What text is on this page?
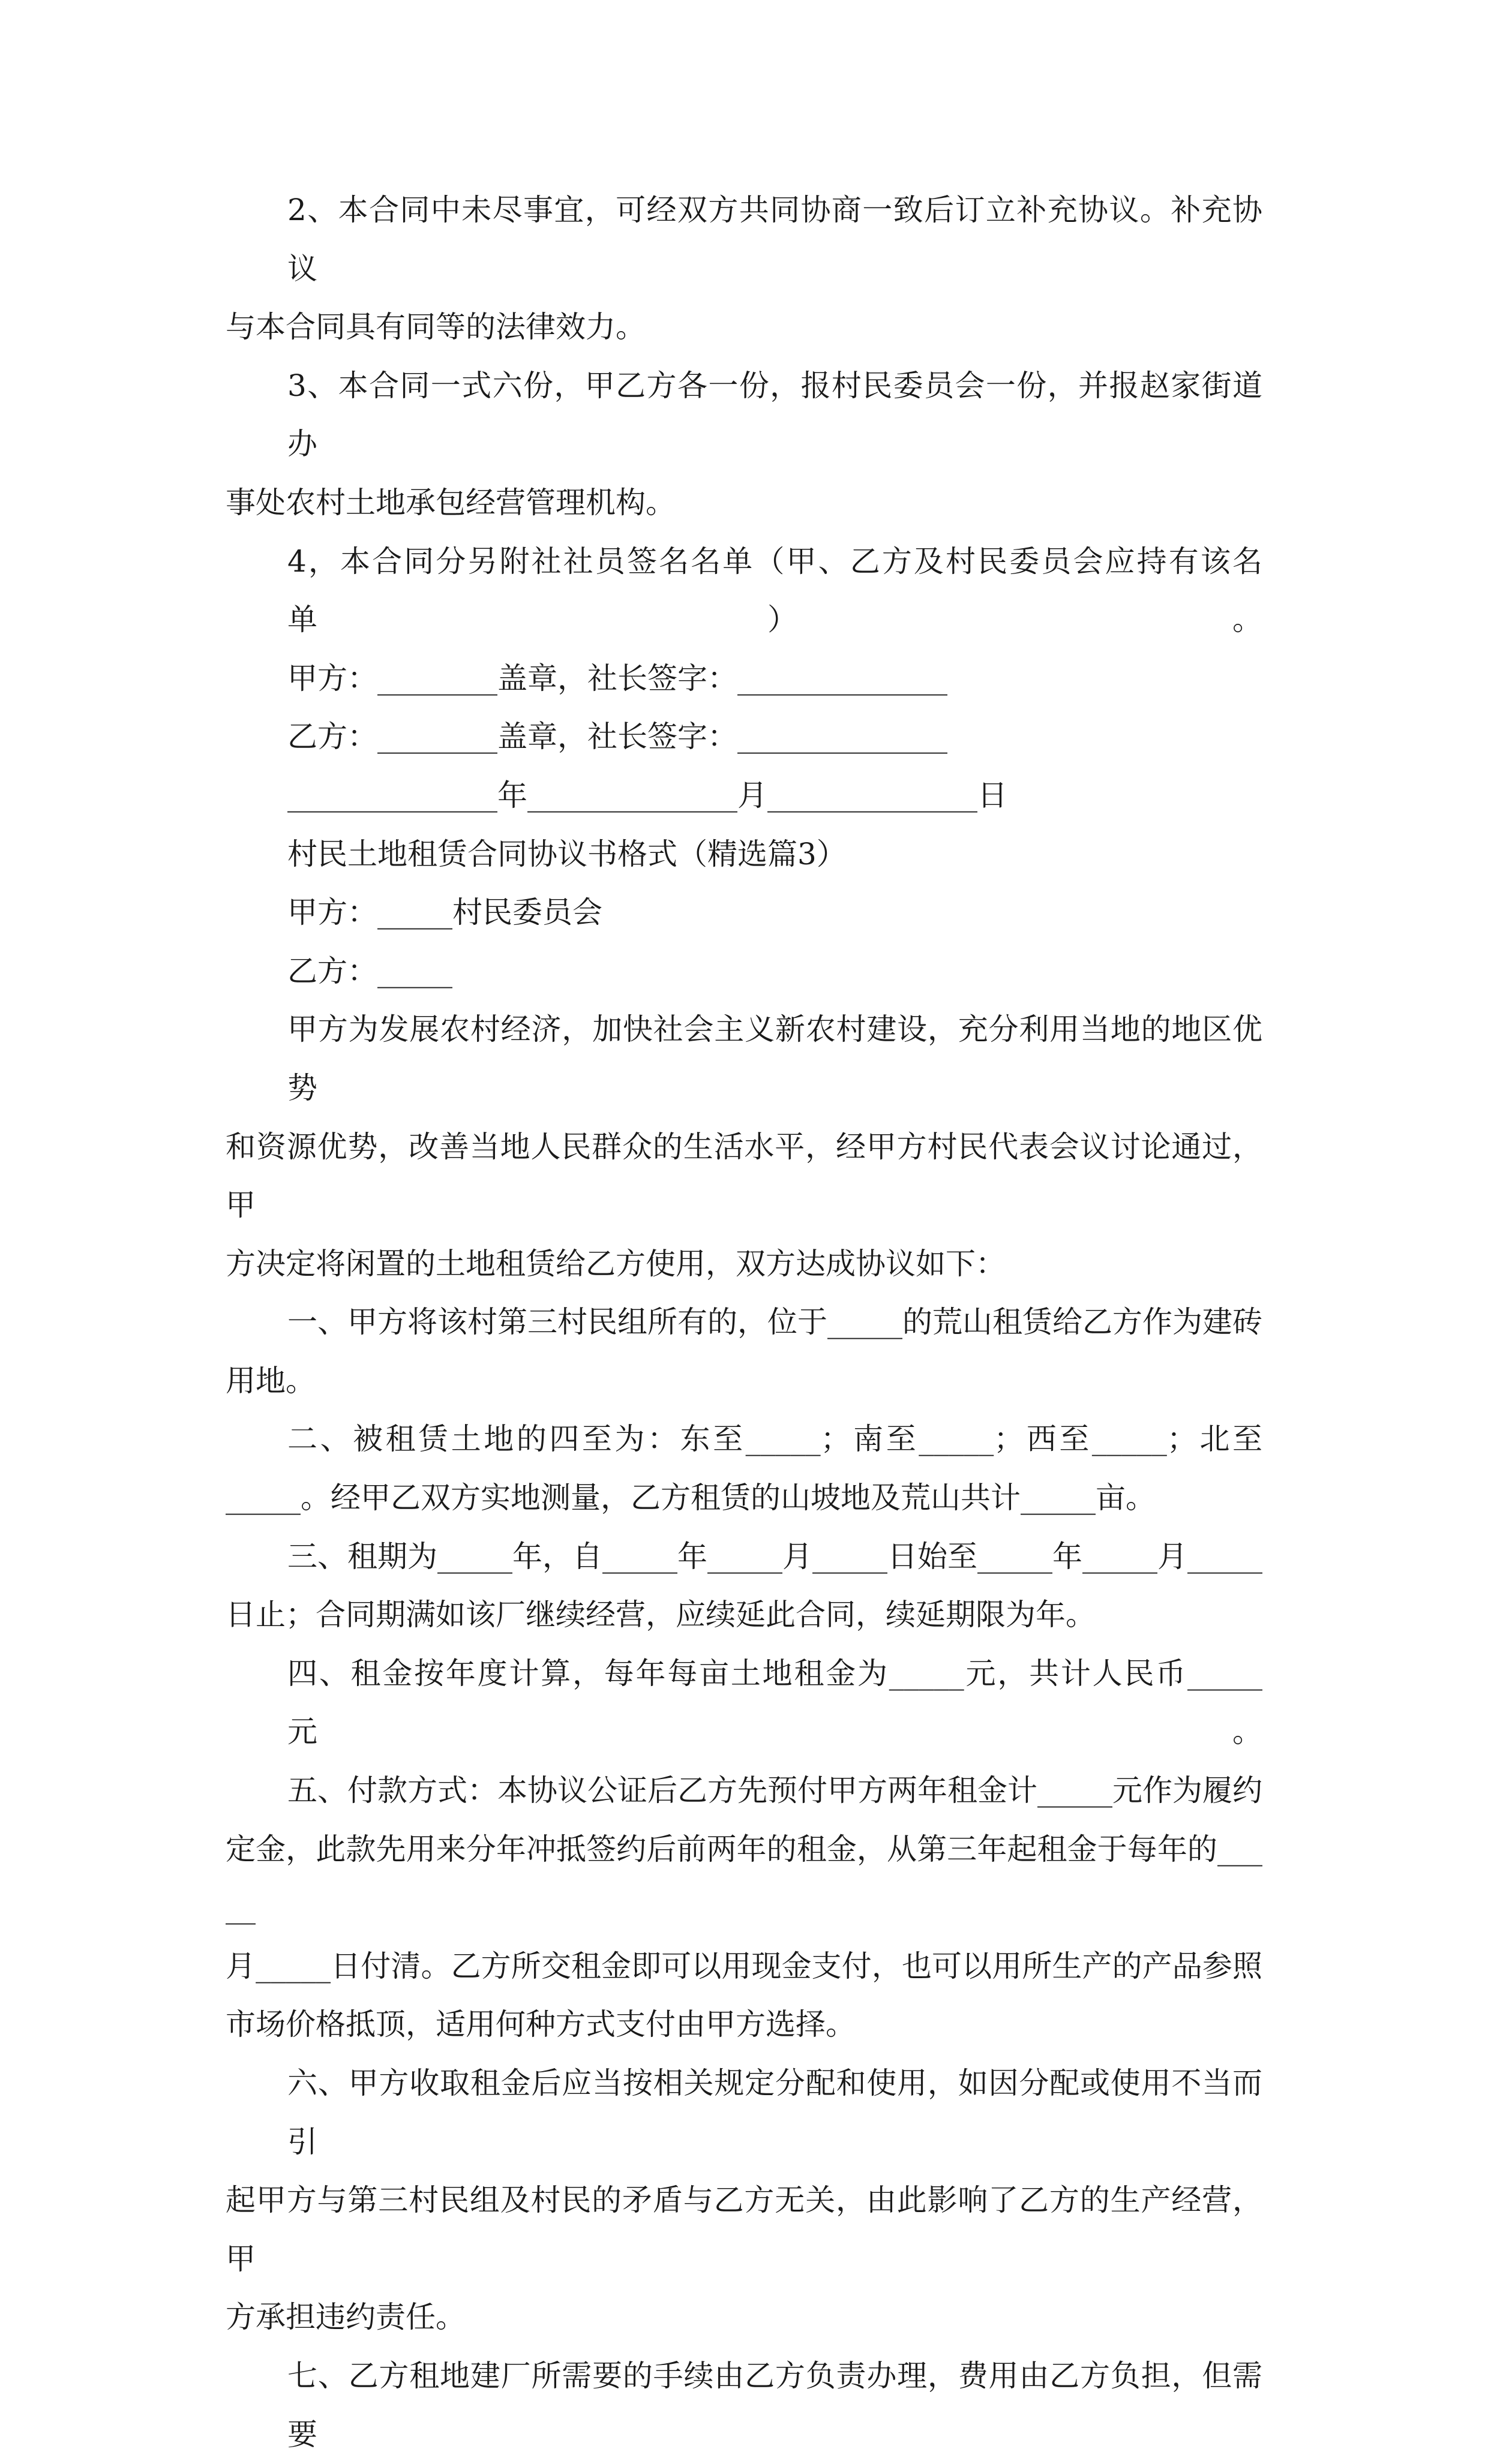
2、本合同中未尽事宜，可经双方共同协商一致后订立补充协议。补充协议
与本合同具有同等的法律效力。
3、本合同一式六份，甲乙方各一份，报村民委员会一份，并报赵家街道办
事处农村土地承包经营管理机构。
4，本合同分另附社社员签名名单（甲、乙方及村民委员会应持有该名单）。
甲方：________盖章，社长签字：______________
乙方：________盖章，社长签字：______________
______________年______________月______________日
村民土地租赁合同协议书格式（精选篇3）
甲方：_____村民委员会
乙方：_____
甲方为发展农村经济，加快社会主义新农村建设，充分利用当地的地区优势
和资源优势，改善当地人民群众的生活水平，经甲方村民代表会议讨论通过，甲
方决定将闲置的土地租赁给乙方使用，双方达成协议如下：
一、甲方将该村第三村民组所有的，位于_____的荒山租赁给乙方作为建砖
用地。
二、被租赁土地的四至为：东至_____；南至_____；西至_____；北至
_____。经甲乙双方实地测量，乙方租赁的山坡地及荒山共计_____亩。
三、租期为_____年，自_____年_____月_____日始至_____年_____月_____
日止；合同期满如该厂继续经营，应续延此合同，续延期限为年。
四、租金按年度计算，每年每亩土地租金为_____元，共计人民币_____元。
五、付款方式：本协议公证后乙方先预付甲方两年租金计_____元作为履约
定金，此款先用来分年冲抵签约后前两年的租金，从第三年起租金于每年的_____
月_____日付清。乙方所交租金即可以用现金支付，也可以用所生产的产品参照
市场价格抵顶，适用何种方式支付由甲方选择。
六、甲方收取租金后应当按相关规定分配和使用，如因分配或使用不当而引
起甲方与第三村民组及村民的矛盾与乙方无关，由此影响了乙方的生产经营，甲
方承担违约责任。
七、乙方租地建厂所需要的手续由乙方负责办理，费用由乙方负担，但需要
